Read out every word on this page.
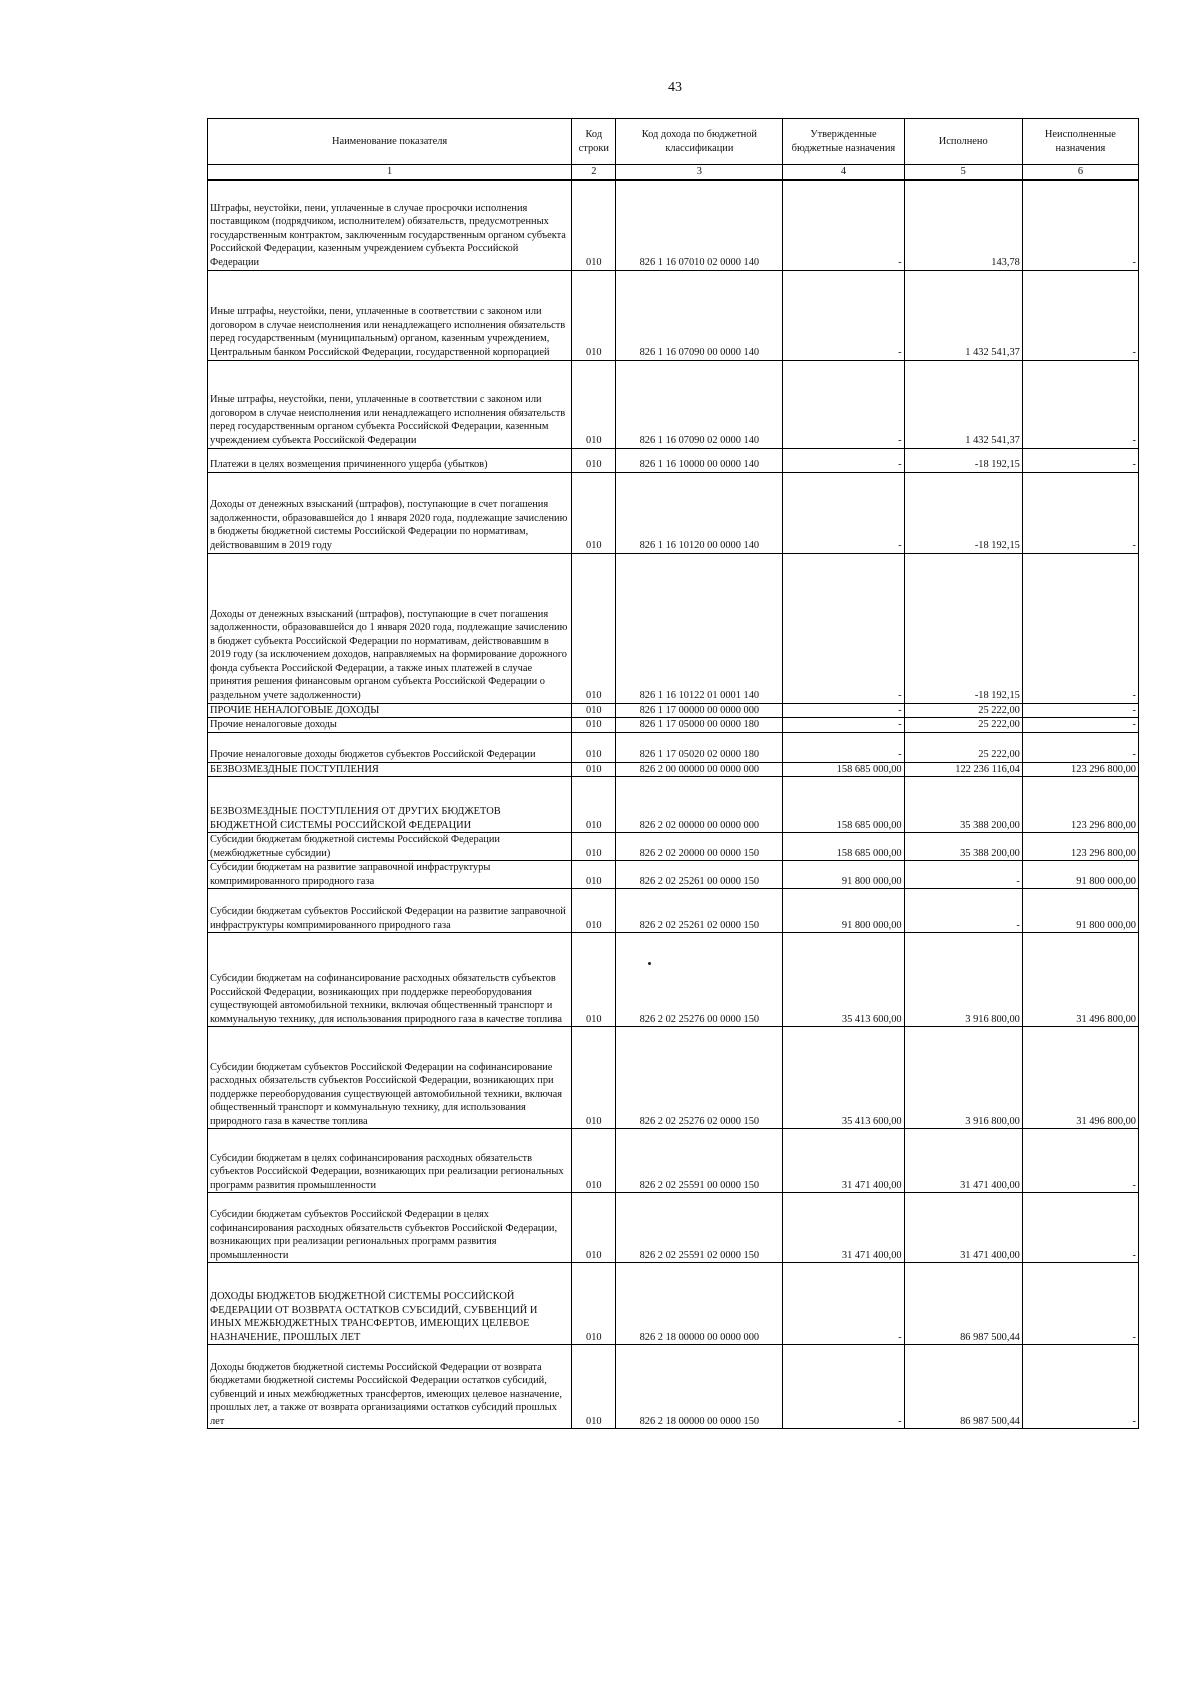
43
Наименование показателя	Код строки	Код дохода по бюджетной классификации	Утвержденные бюджетные назначения	Исполнено	Неисполненные назначения
1	2	3	4	5	6
Штрафы, неустойки, пени, уплаченные в случае просрочки исполнения поставщиком (подрядчиком, исполнителем) обязательств, предусмотренных государственным контрактом, заключенным государственным органом субъекта Российской Федерации, казенным учреждением субъекта Российской Федерации	010	826 1 16 07010 02 0000 140	-	143,78	-
Иные штрафы, неустойки, пени, уплаченные в соответствии с законом или договором в случае неисполнения или ненадлежащего исполнения обязательств перед государственным (муниципальным) органом, казенным учреждением, Центральным банком Российской Федерации, государственной корпорацией	010	826 1 16 07090 00 0000 140	-	1 432 541,37	-
Иные штрафы, неустойки, пени, уплаченные в соответствии с законом или договором в случае неисполнения или ненадлежащего исполнения обязательств перед государственным органом субъекта Российской Федерации, казенным учреждением субъекта Российской Федерации	010	826 1 16 07090 02 0000 140	-	1 432 541,37	-
Платежи в целях возмещения причиненного ущерба (убытков)	010	826 1 16 10000 00 0000 140	-	-18 192,15	-
Доходы от денежных взысканий (штрафов), поступающие в счет погашения задолженности, образовавшейся до 1 января 2020 года, подлежащие зачислению в бюджеты бюджетной системы Российской Федерации по нормативам, действовавшим в 2019 году	010	826 1 16 10120 00 0000 140	-	-18 192,15	-
Доходы от денежных взысканий (штрафов), поступающие в счет погашения задолженности, образовавшейся до 1 января 2020 года, подлежащие зачислению в бюджет субъекта Российской Федерации по нормативам, действовавшим в 2019 году (за исключением доходов, направляемых на формирование дорожного фонда субъекта Российской Федерации, а также иных платежей в случае принятия решения финансовым органом субъекта Российской Федерации о раздельном учете задолженности)	010	826 1 16 10122 01 0001 140	-	-18 192,15	-
ПРОЧИЕ НЕНАЛОГОВЫЕ ДОХОДЫ	010	826 1 17 00000 00 0000 000	-	25 222,00	-
Прочие неналоговые доходы	010	826 1 17 05000 00 0000 180	-	25 222,00	-
Прочие неналоговые доходы бюджетов субъектов Российской Федерации	010	826 1 17 05020 02 0000 180	-	25 222,00	-
БЕЗВОЗМЕЗДНЫЕ ПОСТУПЛЕНИЯ	010	826 2 00 00000 00 0000 000	158 685 000,00	122 236 116,04	123 296 800,00
БЕЗВОЗМЕЗДНЫЕ ПОСТУПЛЕНИЯ ОТ ДРУГИХ БЮДЖЕТОВ БЮДЖЕТНОЙ СИСТЕМЫ РОССИЙСКОЙ ФЕДЕРАЦИИ	010	826 2 02 00000 00 0000 000	158 685 000,00	35 388 200,00	123 296 800,00
Субсидии бюджетам бюджетной системы Российской Федерации (межбюджетные субсидии)	010	826 2 02 20000 00 0000 150	158 685 000,00	35 388 200,00	123 296 800,00
Субсидии бюджетам на развитие заправочной инфраструктуры компримированного природного газа	010	826 2 02 25261 00 0000 150	91 800 000,00	-	91 800 000,00
Субсидии бюджетам субъектов Российской Федерации на развитие заправочной инфраструктуры компримированного природного газа	010	826 2 02 25261 02 0000 150	91 800 000,00	-	91 800 000,00
Субсидии бюджетам на софинансирование расходных обязательств субъектов Российской Федерации, возникающих при поддержке переоборудования существующей автомобильной техники, включая общественный транспорт и коммунальную технику, для использования природного газа в качестве топлива	010	826 2 02 25276 00 0000 150	35 413 600,00	3 916 800,00	31 496 800,00
Субсидии бюджетам субъектов Российской Федерации на софинансирование расходных обязательств субъектов Российской Федерации, возникающих при поддержке переоборудования существующей автомобильной техники, включая общественный транспорт и коммунальную технику, для использования природного газа в качестве топлива	010	826 2 02 25276 02 0000 150	35 413 600,00	3 916 800,00	31 496 800,00
Субсидии бюджетам в целях софинансирования расходных обязательств субъектов Российской Федерации, возникающих при реализации региональных программ развития промышленности	010	826 2 02 25591 00 0000 150	31 471 400,00	31 471 400,00	-
Субсидии бюджетам субъектов Российской Федерации в целях софинансирования расходных обязательств субъектов Российской Федерации, возникающих при реализации региональных программ развития промышленности	010	826 2 02 25591 02 0000 150	31 471 400,00	31 471 400,00	-
ДОХОДЫ БЮДЖЕТОВ БЮДЖЕТНОЙ СИСТЕМЫ РОССИЙСКОЙ ФЕДЕРАЦИИ ОТ ВОЗВРАТА ОСТАТКОВ СУБСИДИЙ, СУБВЕНЦИЙ И ИНЫХ МЕЖБЮДЖЕТНЫХ ТРАНСФЕРТОВ, ИМЕЮЩИХ ЦЕЛЕВОЕ НАЗНАЧЕНИЕ, ПРОШЛЫХ ЛЕТ	010	826 2 18 00000 00 0000 000	-	86 987 500,44	-
Доходы бюджетов бюджетной системы Российской Федерации от возврата бюджетами бюджетной системы Российской Федерации остатков субсидий, субвенций и иных межбюджетных трансфертов, имеющих целевое назначение, прошлых лет, а также от возврата организациями остатков субсидий прошлых лет	010	826 2 18 00000 00 0000 150	-	86 987 500,44	-
